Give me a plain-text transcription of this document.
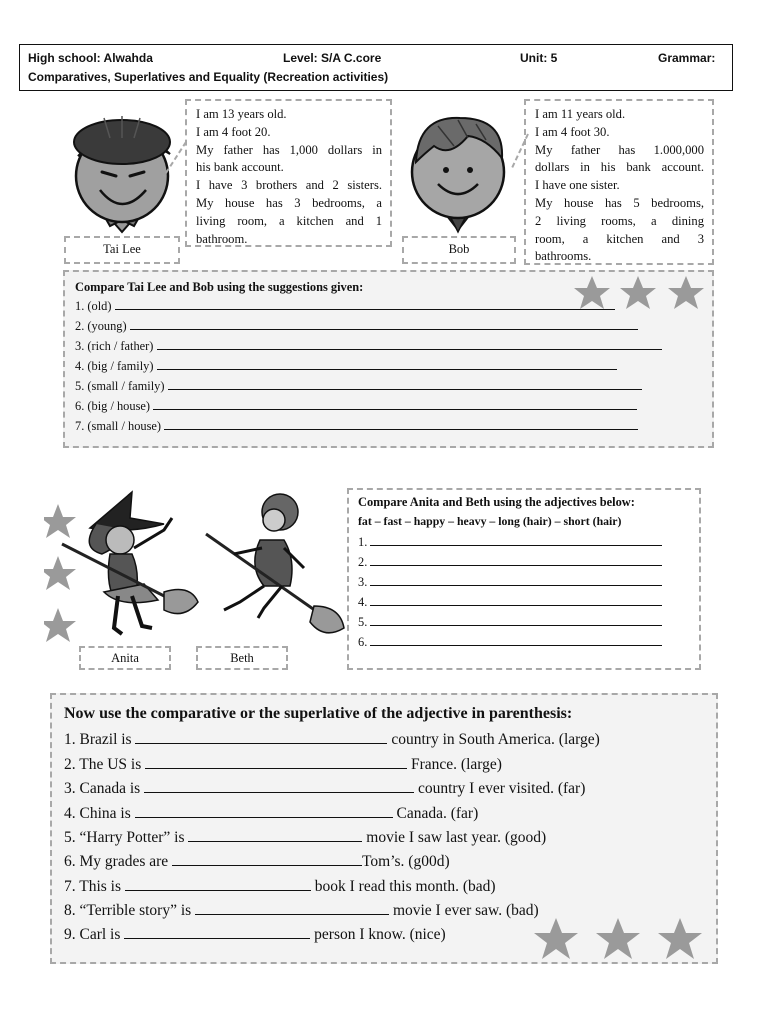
High school: Alwahda	Level: S/A C.core	Unit: 5	Grammar:
Comparatives, Superlatives and Equality (Recreation activities)
I am 13 years old.
I am 4 foot 20.
My father has 1,000 dollars in
his bank account.
I have 3 brothers and 2 sisters.
My house has 3 bedrooms, a
living room, a kitchen and 1
bathroom.
Tai Lee
I am 11 years old.
I am 4 foot 30.
My father has 1.000,000
dollars in his bank account.
I have one sister.
My house has 5 bedrooms,
2 living rooms, a dining
room, a kitchen and 3
bathrooms.
Bob
Compare Tai Lee and Bob using the suggestions given:
1. (old)
2. (young)
3. (rich / father)
4. (big / family)
5. (small / family)
6. (big / house)
7. (small / house)
Anita	Beth
Compare Anita and Beth using the adjectives below:
fat – fast – happy – heavy – long (hair) – short (hair)
1.
2.
3.
4.
5.
6.
Now use the comparative or the superlative of the adjective in parenthesis:
1. Brazil is	country in South America. (large)
2. The US is	France. (large)
3. Canada is	country I ever visited. (far)
4. China is	Canada. (far)
5. “Harry Potter” is	movie I saw last year. (good)
6. My grades are	Tom’s. (g00d)
7. This is	book I read this month. (bad)
8. “Terrible story” is	movie I ever saw. (bad)
9. Carl is	person I know. (nice)
